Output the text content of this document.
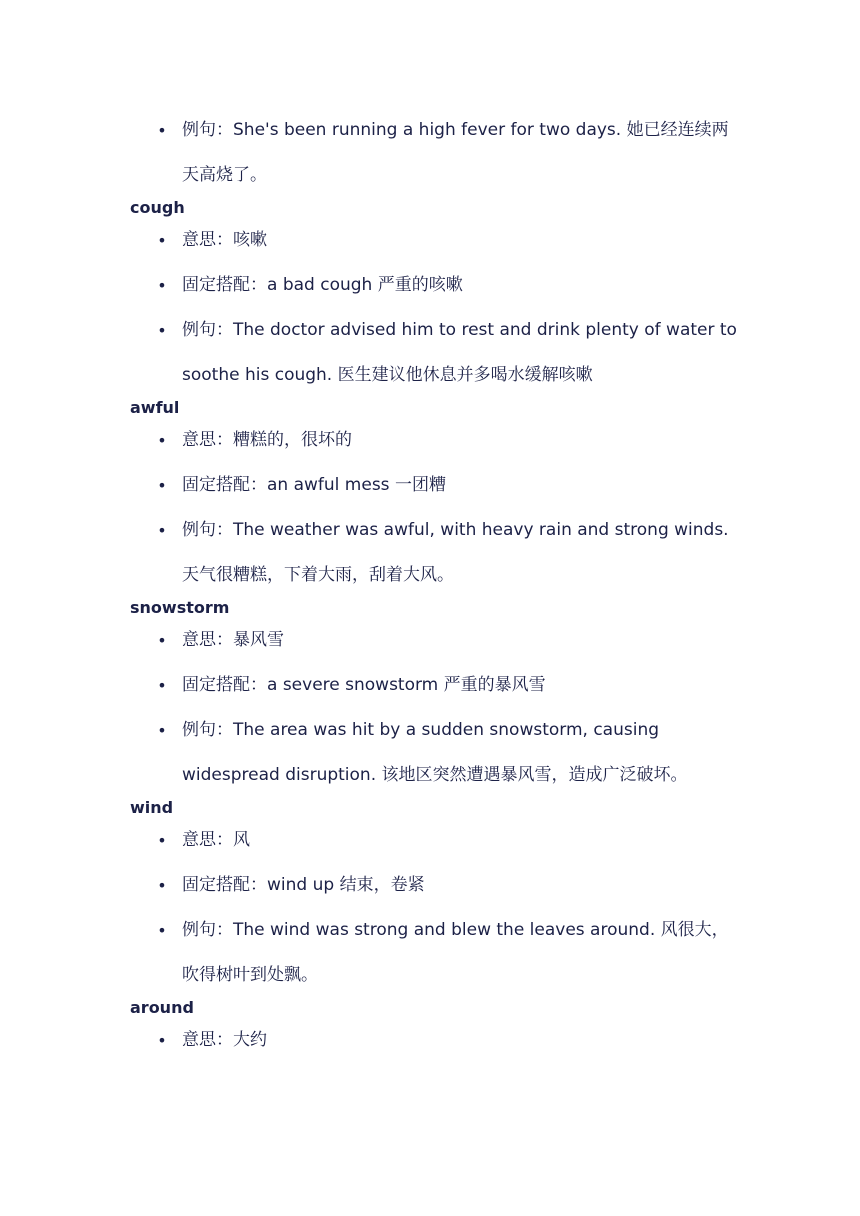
• 例句：She's been running a high fever for two days. 她已经连续两天高烧了。
cough
• 意思：咳嗽
• 固定搭配：a bad cough 严重的咳嗽
• 例句：The doctor advised him to rest and drink plenty of water to soothe his cough. 医生建议他休息并多喝水缓解咳嗽
awful
• 意思：糟糕的，很坏的
• 固定搭配：an awful mess 一团糟
• 例句：The weather was awful, with heavy rain and strong winds. 天气很糟糕，下着大雨，刮着大风。
snowstorm
• 意思：暴风雪
• 固定搭配：a severe snowstorm 严重的暴风雪
• 例句：The area was hit by a sudden snowstorm, causing widespread disruption. 该地区突然遭遇暴风雪，造成广泛破坏。
wind
• 意思：风
• 固定搭配：wind up 结束，卷紧
• 例句：The wind was strong and blew the leaves around. 风很大，吹得树叶到处飘。
around
• 意思：大约
